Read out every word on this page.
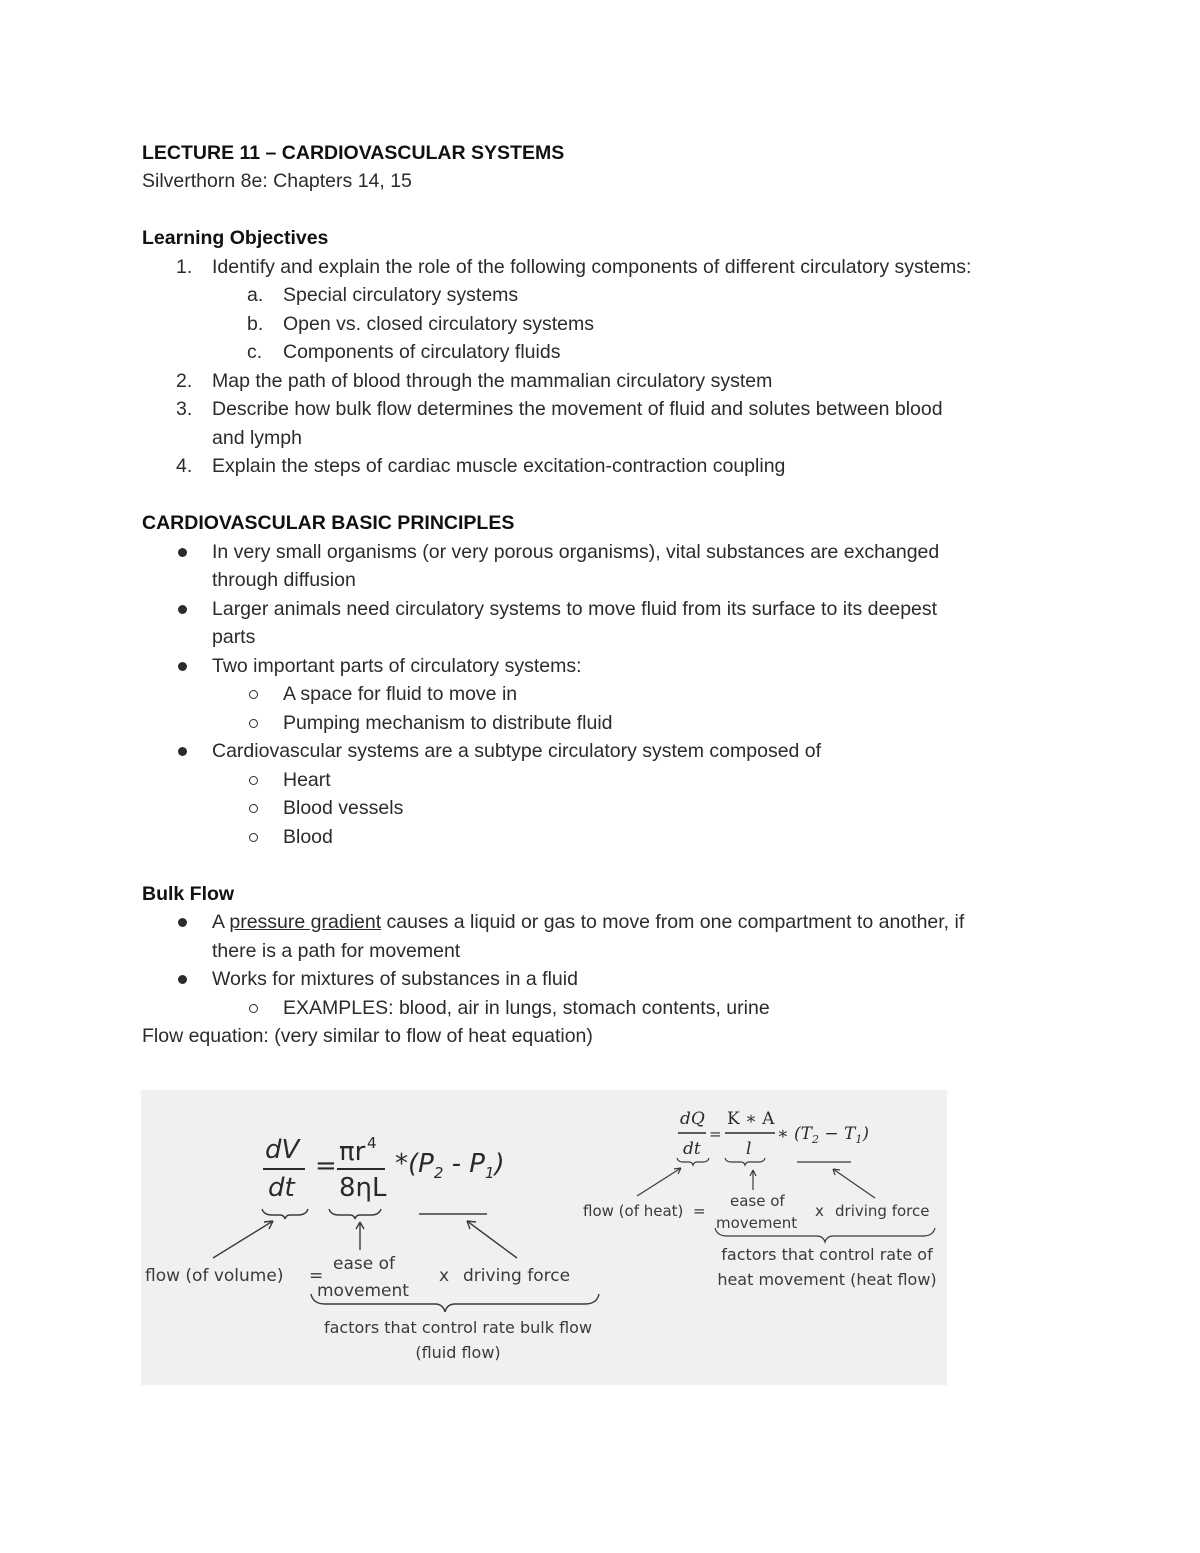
LECTURE 11 – CARDIOVASCULAR SYSTEMS
Silverthorn 8e: Chapters 14, 15
Learning Objectives
1.	Identify and explain the role of the following components of different circulatory systems:
a.	Special circulatory systems
b.	Open vs. closed circulatory systems
c.	Components of circulatory fluids
2.	Map the path of blood through the mammalian circulatory system
3.	Describe how bulk flow determines the movement of fluid and solutes between blood
and lymph
4.	Explain the steps of cardiac muscle excitation-contraction coupling
CARDIOVASCULAR BASIC PRINCIPLES
In very small organisms (or very porous organisms), vital substances are exchanged
through diffusion
Larger animals need circulatory systems to move fluid from its surface to its deepest
parts
Two important parts of circulatory systems:
A space for fluid to move in
Pumping mechanism to distribute fluid
Cardiovascular systems are a subtype circulatory system composed of
Heart
Blood vessels
Blood
Bulk Flow
A pressure gradient causes a liquid or gas to move from one compartment to another, if
there is a path for movement
Works for mixtures of substances in a fluid
EXAMPLES: blood, air in lungs, stomach contents, urine
Flow equation: (very similar to flow of heat equation)
dV
dt
= πr 4
8ηL
$*(P_2 - P_1)$
flow (of volume) =
ease of
movement
x driving force
factors that control rate bulk flow
(fluid flow)
dQ
dt
=
K ∗ A
l
∗ $(T_2 - T_1)$
flow (of heat) =
ease of
movement
x driving force
factors that control rate of
heat movement (heat flow)
